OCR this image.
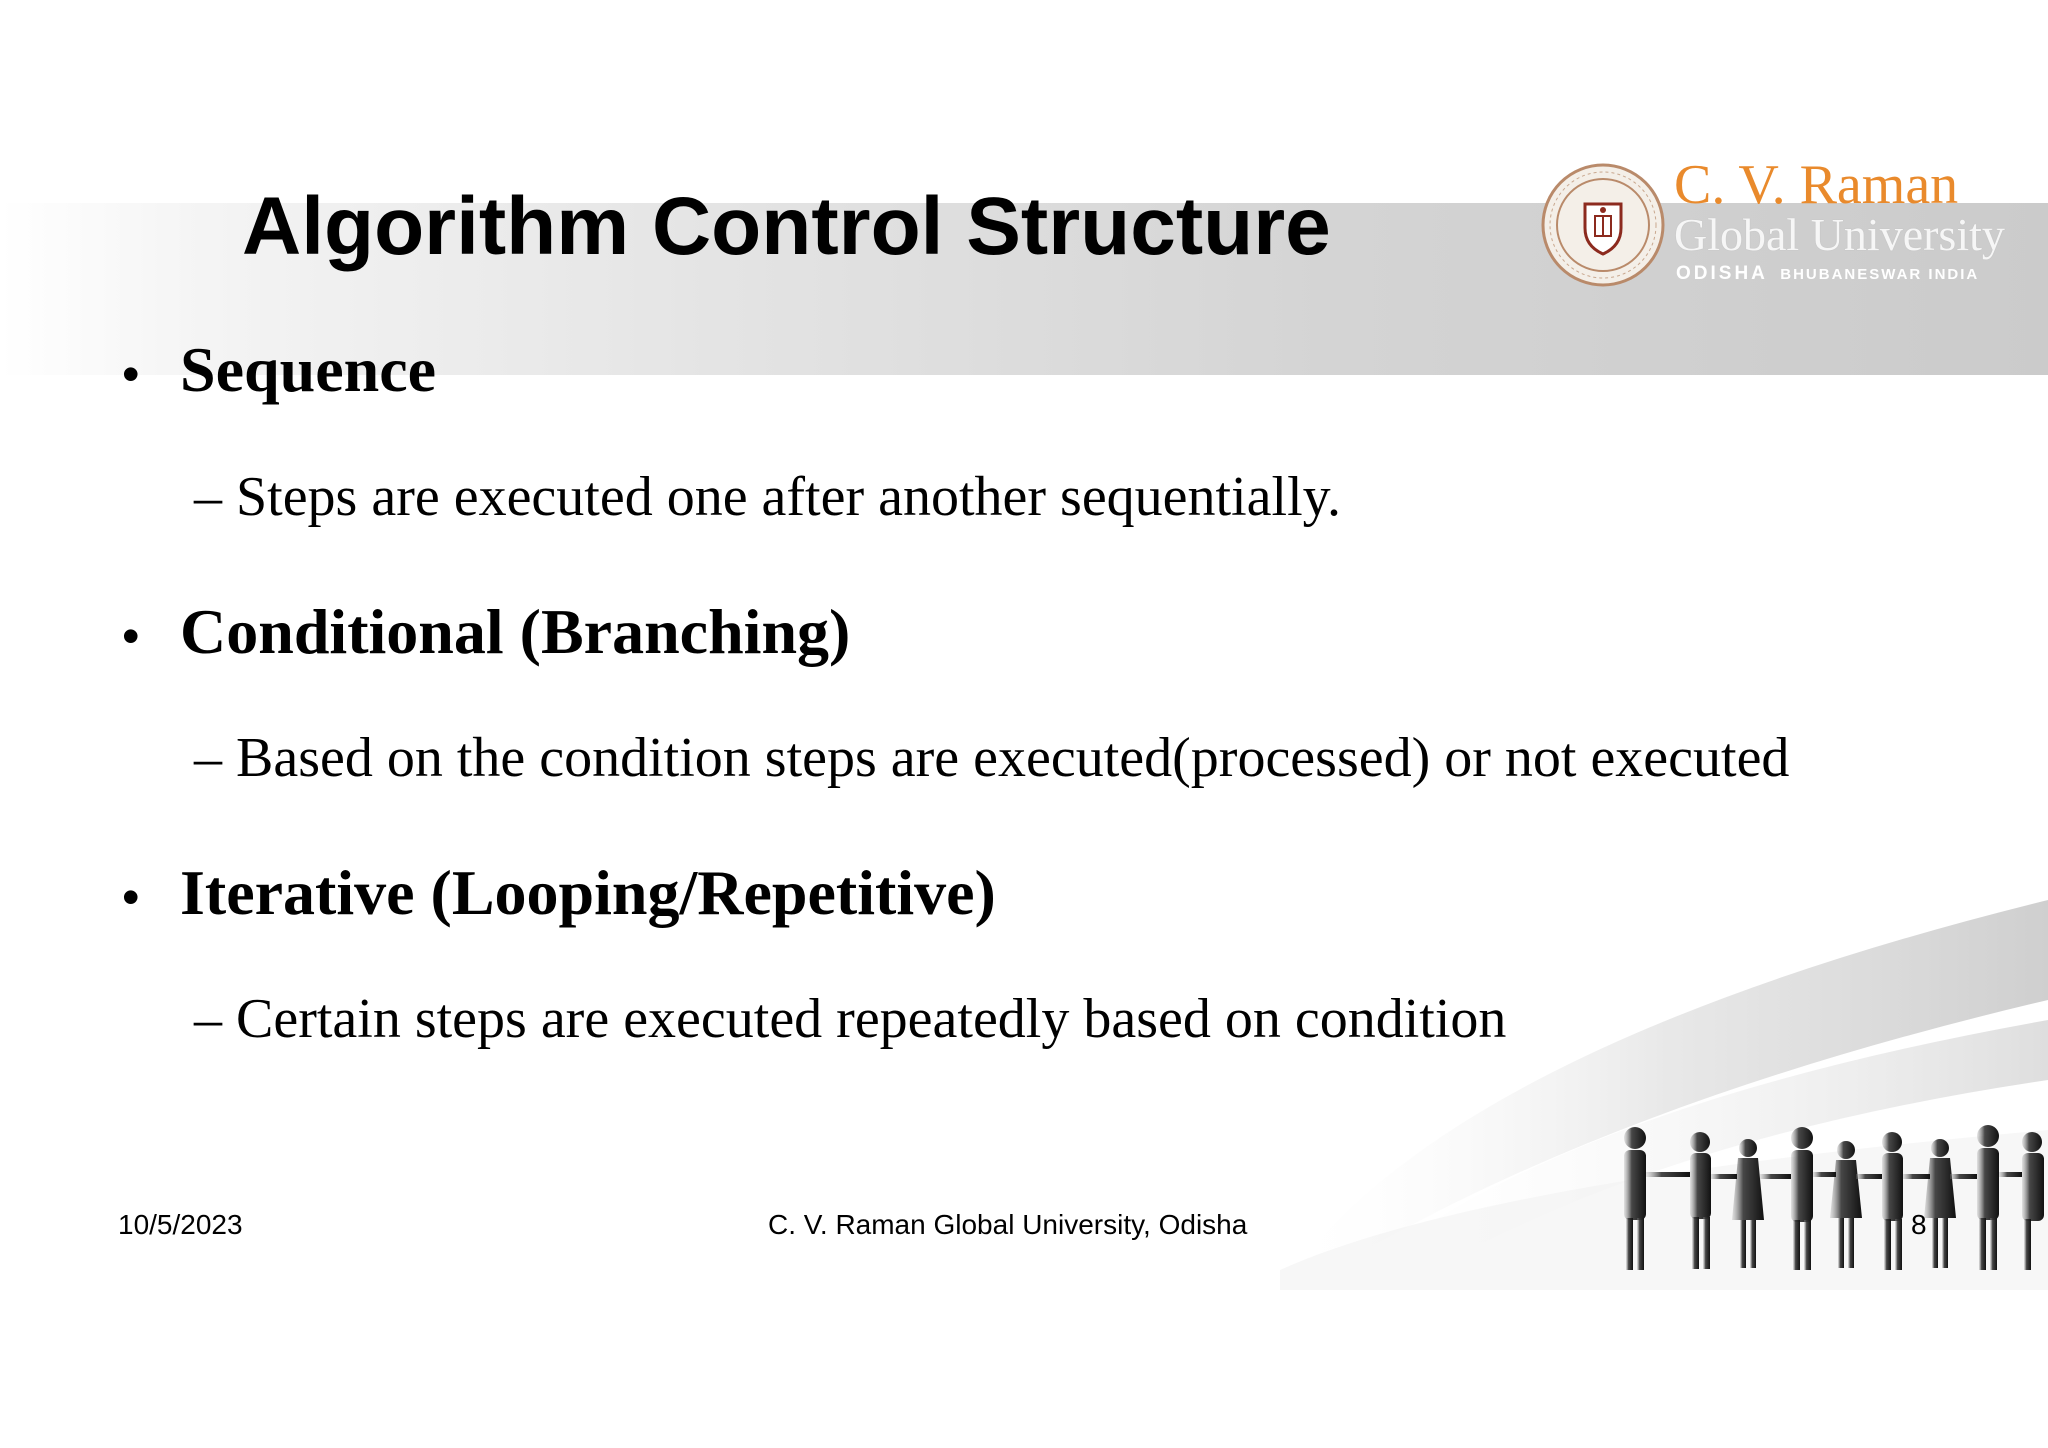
Algorithm Control Structure	C. V. Raman
Global University
ODISHA BHUBANESWAR INDIA
• Sequence
– Steps are executed one after another sequentially.
• Conditional (Branching)
– Based on the condition steps are executed(processed) or not executed
• Iterative (Looping/Repetitive)
– Certain steps are executed repeatedly based on condition
10/5/2023	C. V. Raman Global University, Odisha	8
